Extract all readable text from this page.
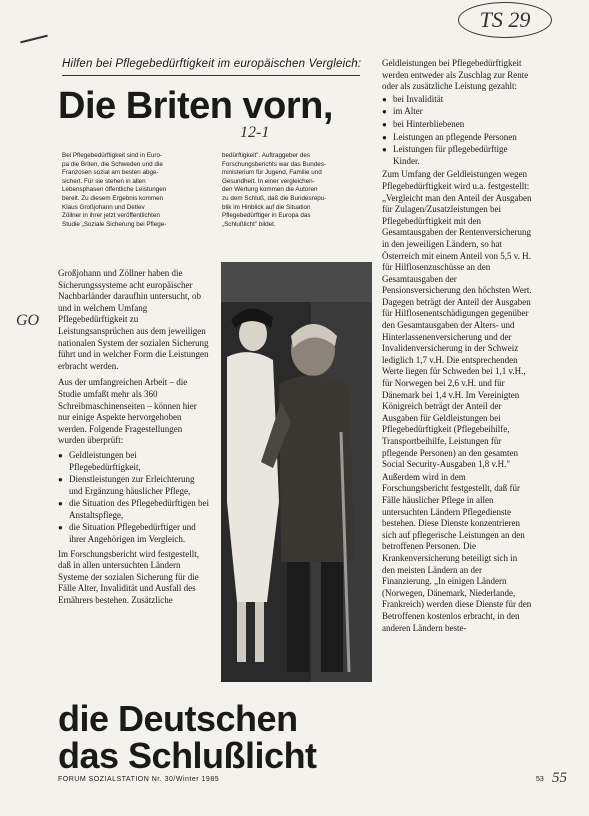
TS 29
Hilfen bei Pflegebedürftigkeit im europäischen Vergleich:
Die Briten vorn,
12-1
Bei Pflegebedürftigkeit sind in Euro-
pa die Briten, die Schweden und die
Franzosen sozial am besten abge-
sichert. Für sie stehen in allen
Lebensphasen öffentliche Leistungen
bereit. Zu diesem Ergebnis kommen
Klaus Großjohann und Detlev
Zöllner in ihrer jetzt veröffentlichten
Studie „Soziale Sicherung bei Pflege-
bedürftigkeit". Auftraggeber des
Forschungsberichts war das Bundes-
ministerium für Jugend, Familie und
Gesundheit. In einer vergleichen-
den Wertung kommen die Autoren
zu dem Schluß, daß die Bundesrepu-
blik im Hinblick auf die Situation
Pflegebedürftiger in Europa das
„Schlußlicht" bildet.
GO

Großjohann und Zöllner haben die Sicherungssysteme acht europäischer Nachbarländer daraufhin untersucht, ob und in welchem Umfang Pflegebedürftigkeit zu Leistungsansprüchen aus dem jeweiligen nationalen System der sozialen Sicherung führt und in welcher Form die Leistungen erbracht werden.

Aus der umfangreichen Arbeit – die Studie umfaßt mehr als 360 Schreibmaschinenseiten – können hier nur einige Aspekte hervorgehoben werden. Folgende Fragestellungen wurden überprüft:

● Geldleistungen bei Pflegebedürftigkeit,
● Dienstleistungen zur Erleichterung und Ergänzung häuslicher Pflege,
● die Situation des Pflegebedürftigen bei Anstaltspflege,
● die Situation Pflegebedürftiger und ihrer Angehörigen im Vergleich.

Im Forschungsbericht wird festgestellt, daß in allen untersuchten Ländern Systeme der sozialen Sicherung für die Fälle Alter, Invalidität und Ausfall des Ernährers bestehen. Zusätzliche

Geldleistungen bei Pflegebedürftigkeit werden entweder als Zuschlag zur Rente oder als zusätzliche Leistung gezahlt:

● bei Invalidität
● im Alter
● bei Hinterbliebenen
● Leistungen an pflegende Personen
● Leistungen für pflegebedürftige Kinder.

Zum Umfang der Geldleistungen wegen Pflegebedürftigkeit wird u.a. festgestellt: „Vergleicht man den Anteil der Ausgaben für Zulagen/Zusatzleistungen bei Pflegebedürftigkeit mit den Gesamtausgaben der Rentenversicherung in den jeweiligen Ländern, so hat Österreich mit einem Anteil von 5,5 v. H. für Hilflosenzuschüsse an den Gesamtausgaben der Pensionsversicherung den höchsten Wert. Dagegen beträgt der Anteil der Ausgaben für Hilflosenentschädigungen gegenüber den Gesamtausgaben der Alters- und Hinterlassenenversicherung und der Invalidenversicherung in der Schweiz lediglich 1,7 v.H. Die entsprechenden Werte liegen für Schweden bei 1,1 v.H., für Norwegen bei 2,6 v.H. und für Dänemark bei 1,4 v.H. Im Vereinigten Königreich beträgt der Anteil der Ausgaben für Geldleistungen bei Pflegebedürftigkeit (Pflegebeihilfe, Transportbeihilfe, Leistungen für pflegende Personen) an den gesamten Social Security-Ausgaben 1,8 v.H."

Außerdem wird in dem Forschungsbericht festgestellt, daß für Fälle häuslicher Pflege in allen untersuchten Ländern Pflegedienste bestehen. Diese Dienste konzentrieren sich auf pflegerische Leistungen an den betroffenen Personen. Die Krankenversicherung beteiligt sich in den meisten Ländern an der Finanzierung. „In einigen Ländern (Norwegen, Dänemark, Niederlande, Frankreich) werden diese Dienste für den Betroffenen kostenlos erbracht, in den anderen Ländern beste-

die Deutschen
das Schlußlicht
FORUM SOZIALSTATION Nr. 30/Winter 1985	53 55
